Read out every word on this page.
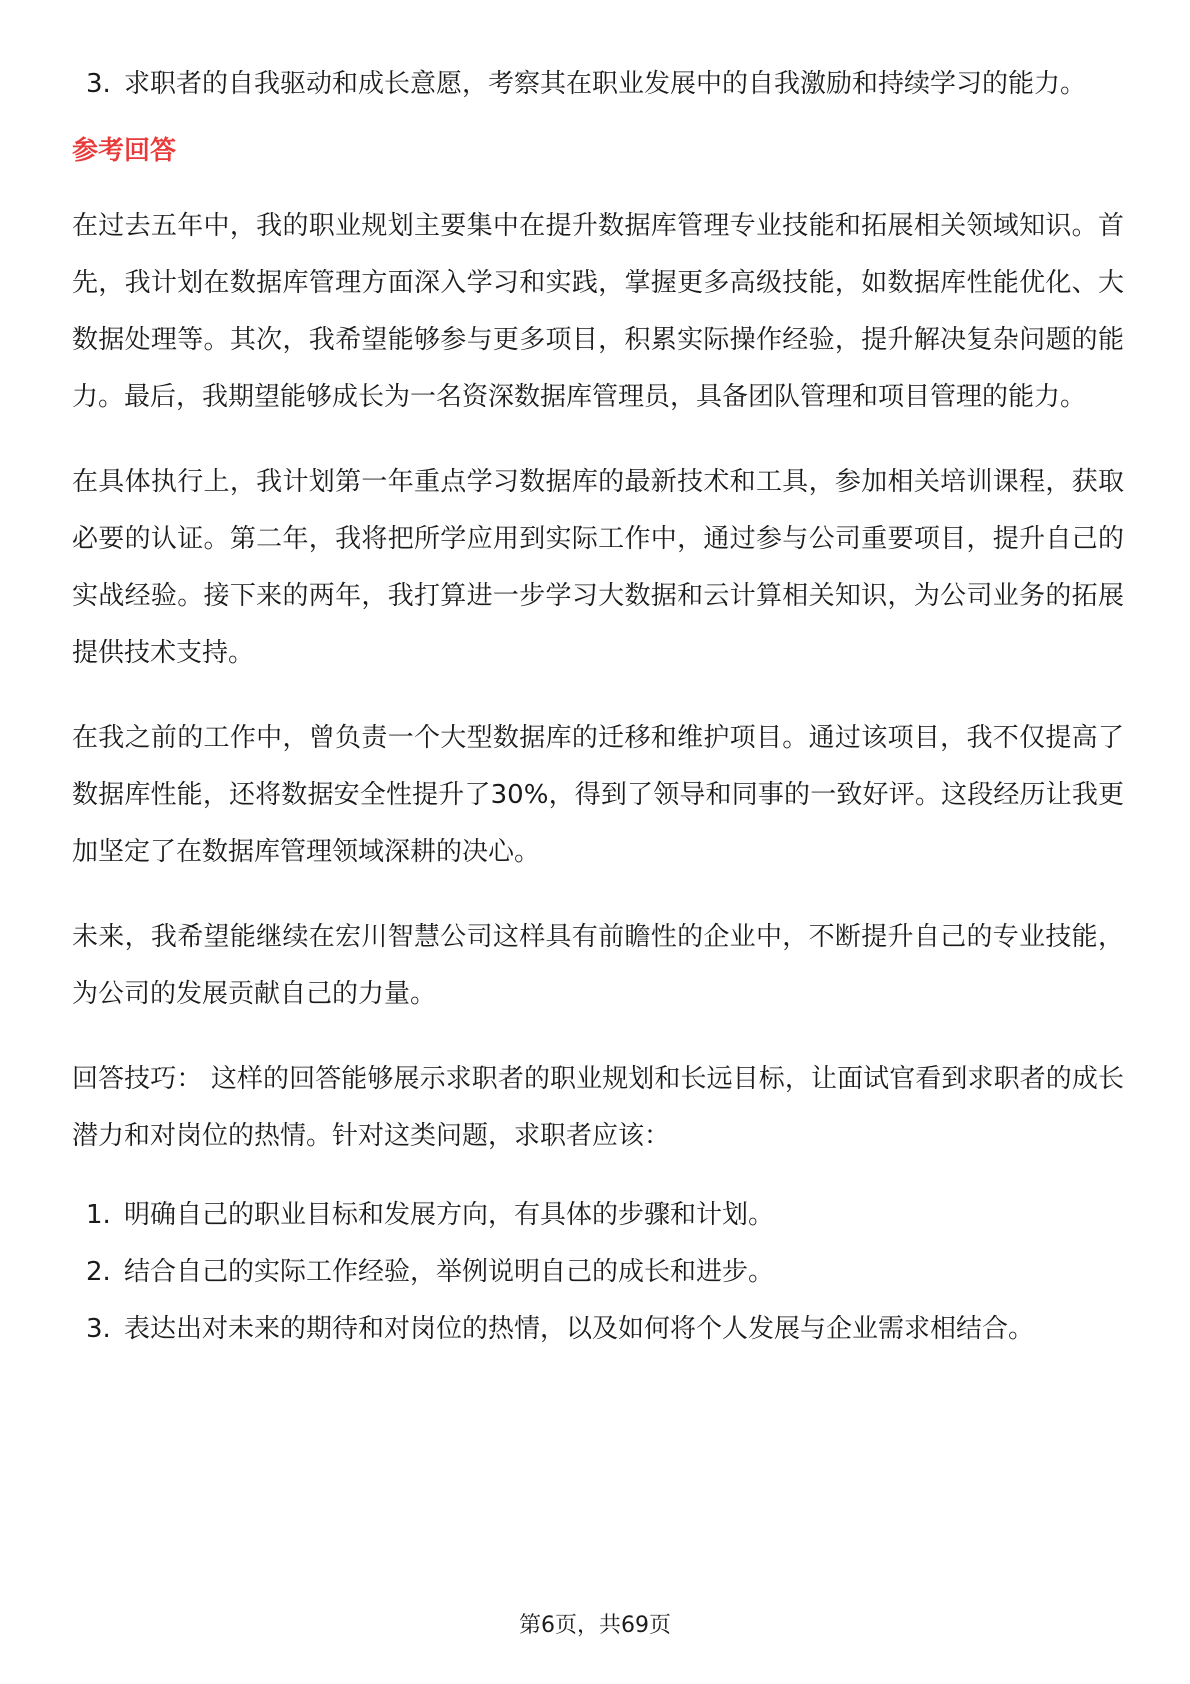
3. 求职者的自我驱动和成长意愿，考察其在职业发展中的自我激励和持续学习的能力。
参考回答

在过去五年中，我的职业规划主要集中在提升数据库管理专业技能和拓展相关领域知识。首先，我计划在数据库管理方面深入学习和实践，掌握更多高级技能，如数据库性能优化、大数据处理等。其次，我希望能够参与更多项目，积累实际操作经验，提升解决复杂问题的能力。最后，我期望能够成长为一名资深数据库管理员，具备团队管理和项目管理的能力。

在具体执行上，我计划第一年重点学习数据库的最新技术和工具，参加相关培训课程，获取必要的认证。第二年，我将把所学应用到实际工作中，通过参与公司重要项目，提升自己的实战经验。接下来的两年，我打算进一步学习大数据和云计算相关知识，为公司业务的拓展提供技术支持。

在我之前的工作中，曾负责一个大型数据库的迁移和维护项目。通过该项目，我不仅提高了数据库性能，还将数据安全性提升了30%，得到了领导和同事的一致好评。这段经历让我更加坚定了在数据库管理领域深耕的决心。

未来，我希望能继续在宏川智慧公司这样具有前瞻性的企业中，不断提升自己的专业技能，为公司的发展贡献自己的力量。

回答技巧： 这样的回答能够展示求职者的职业规划和长远目标，让面试官看到求职者的成长潜力和对岗位的热情。针对这类问题，求职者应该：

1. 明确自己的职业目标和发展方向，有具体的步骤和计划。
2. 结合自己的实际工作经验，举例说明自己的成长和进步。
3. 表达出对未来的期待和对岗位的热情，以及如何将个人发展与企业需求相结合。
第6页，共69页
